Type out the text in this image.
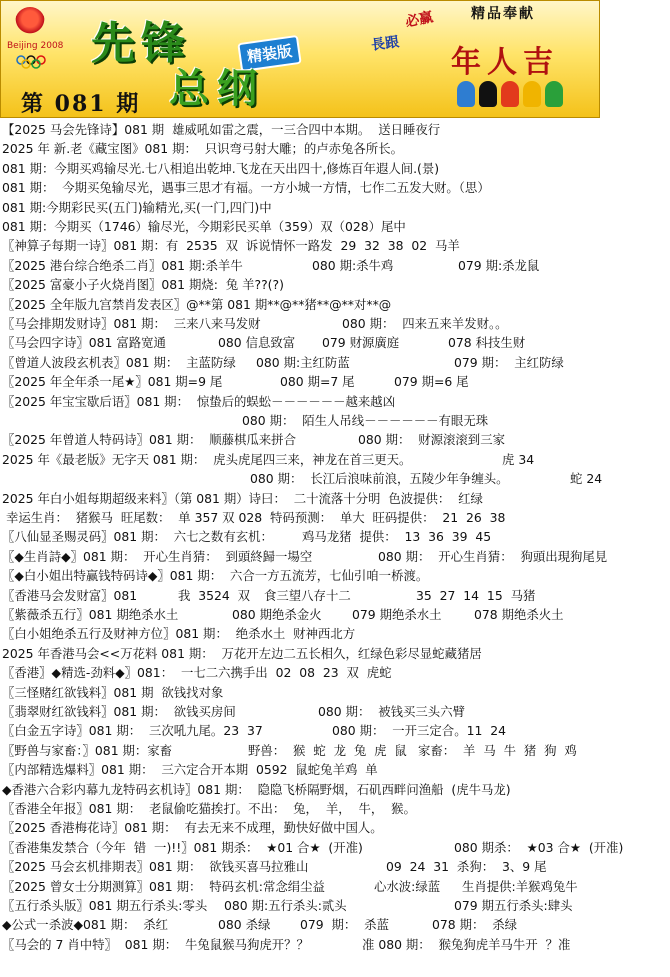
Beijing 2008 先锋	精装版
总纲
第 081 期
必赢	精品奉献
長跟
年人吉
【2025 马会先锋诗】081 期  雄威吼如雷之震，一三合四中本期。  送日睡夜行
2025 年 新.老《藏宝图》081 期：  只识弯弓射大雕；的卢赤兔各所长。
081 期：今期买鸡输尽光.七八相追出乾坤.飞龙在天出四十,修炼百年遐人间.(景)
081 期：  今期买兔输尽光，遇事三思才有福。一方小城一方情，七作二五发大财。（思）
081 期:今期彩民买(五门)输精光,买(一门,四门)中
081 期：今期买（1746）输尽光，今期彩民买单（359）双（028）尾中
〖神算子每期一诗〗081 期：有  2535  双  诉说情怀一路发  29  32  38  02  马羊
〖2025 港台综合绝杀二肖〗081 期:杀羊牛	080 期:杀牛鸡	079 期:杀龙鼠
〖2025 富豪小子火烧肖图〗081 期烧:  兔 羊??(?)
〖2025 全年版九宫禁肖发表区〗@**第 081 期**@**猪**@**对**@
〖马会排期发财诗〗081 期：  三来八来马发财	080 期：  四来五来羊发财。。
〖马会四字诗〗081 富路宽通	080 信息致富 079 财源廣庭	078 科技生财
〖曾道人波段玄机表〗081 期：  主蓝防绿 080 期:主红防蓝	079 期：  主红防绿
〖2025 年全年杀一尾★〗081 期=9 尾	080 期=7 尾	079 期=6 尾
〖2025 年宝宝歇后语〗081 期：  惊蛰后的蜈蚣－－－－－－越来越凶
080 期：  陌生人吊线－－－－－－有眼无珠
〖2025 年曾道人特码诗〗081 期：  顺藤棋瓜来拼合	080 期：  财源滚滚到三家
2025 年《最老版》无字天 081 期：  虎头虎尾四三来，神龙在首三更天。	虎 34
080 期：  长江后浪味前浪，五陵少年争缠头。	蛇 24
2025 年白小姐每期超级来料〗（第 081 期）诗曰：  二十流落十分明  色波提供：  红绿
幸运生肖：  猪猴马  旺尾数：  单 357 双 028  特码预测：  单大  旺码提供：  21  26  38
〖八仙显圣赐灵码〗081 期：  六七之数有玄机： 鸡马龙猪  提供：  13  36  39  45
〖◆生肖詩◆〗081 期：  开心生肖猜：  到頭終歸一場空	080 期：  开心生肖猜：  狗頭出現狗尾見
〖◆白小姐出特赢钱特码诗◆〗081 期：  六合一方五流芳，七仙引咱一桥渡。
〖香港马会发财富〗081	我  3524  双 食三望八存十二	35  27  14  15  马猪
〖紫薇杀五行〗081 期绝杀水土	080 期绝杀金火 079 期绝杀水土	078 期绝杀火土
〖白小姐绝杀五行及财神方位〗081 期：  绝杀水土  财神西北方
2025 年香港马会<<万花料 081 期：  万花开左边二五长相久，红绿色彩尽显蛇藏猪居
〖香港〗◆精选-劲料◆〗081：  一七二六携手出  02  08  23  双  虎蛇
〖三怪赌红欲钱料〗081 期  欲钱找对象
〖翡翠财红欲钱料〗081 期：  欲钱买房间	080 期：  被钱买三头六臂
〖白金五字诗〗081 期：  三次吼九尾。23  37	080 期：  一开三定合。11  24
〖野兽与家畜：〗081 期：家畜	野兽：  猴  蛇  龙  兔  虎  鼠 家畜：  羊  马  牛  猪  狗  鸡
〖内部精选爆料〗081 期：  三六定合开本期  0592  鼠蛇兔羊鸡  单
◆香港六合彩内幕九龙特码玄机诗〗081 期：  隐隐飞桥隔野烟，石矶西畔问渔船  (虎牛马龙)
〖香港全年报〗081 期：  老鼠偷吃猫挨打。不出：  兔，  羊，  牛，  猴。
〖2025 香港梅花诗〗081 期：  有去无来不成理，勤快好做中国人。
〖香港集发禁合（今年  错  一)!!〗081 期杀：  ★01 合★  (开准)	080 期杀：  ★03 合★  (开准)
〖2025 马会玄机排期表〗081 期：  欲钱买喜马拉雅山	09  24  31  杀狗：  3、9 尾
〖2025 曾女士分期测算〗081 期：  特码玄机:常念绢尘益	心水波:绿蓝 生肖提供:羊猴鸡兔牛
〖五行杀头版〗081 期五行杀头:零头 080 期:五行杀头:贰头	079 期五行杀头:肆头
◆公式一杀波◆081 期：  杀红	080 杀绿 079  期：  杀蓝	078 期：  杀绿
〖马会的 7 肖中特〗  081 期：  牛兔鼠猴马狗虎开？？	准 080 期：  猴兔狗虎羊马牛开  ？准
